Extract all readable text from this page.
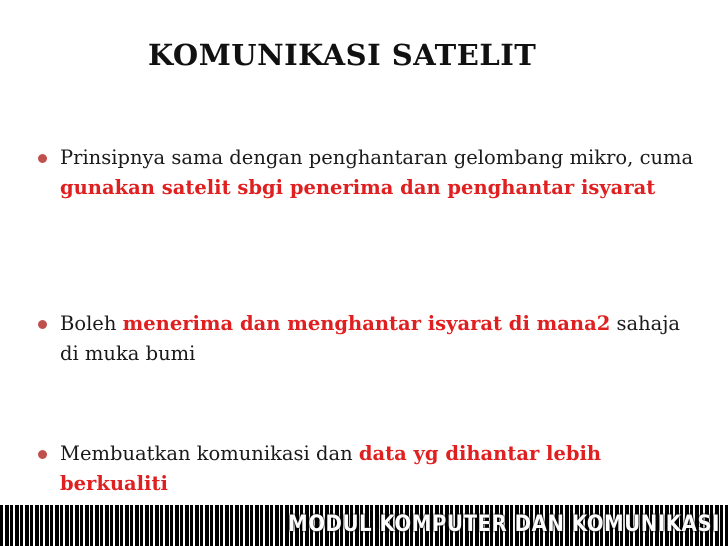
KOMUNIKASI SATELIT
Prinsipnya sama dengan penghantaran gelombang mikro, cuma gunakan satelit sbgi penerima dan penghantar isyarat
Boleh menerima dan menghantar isyarat di mana2 sahaja di muka bumi
Membuatkan komunikasi dan data yg dihantar lebih berkualiti
MODUL KOMPUTER DAN KOMUNIKASI
